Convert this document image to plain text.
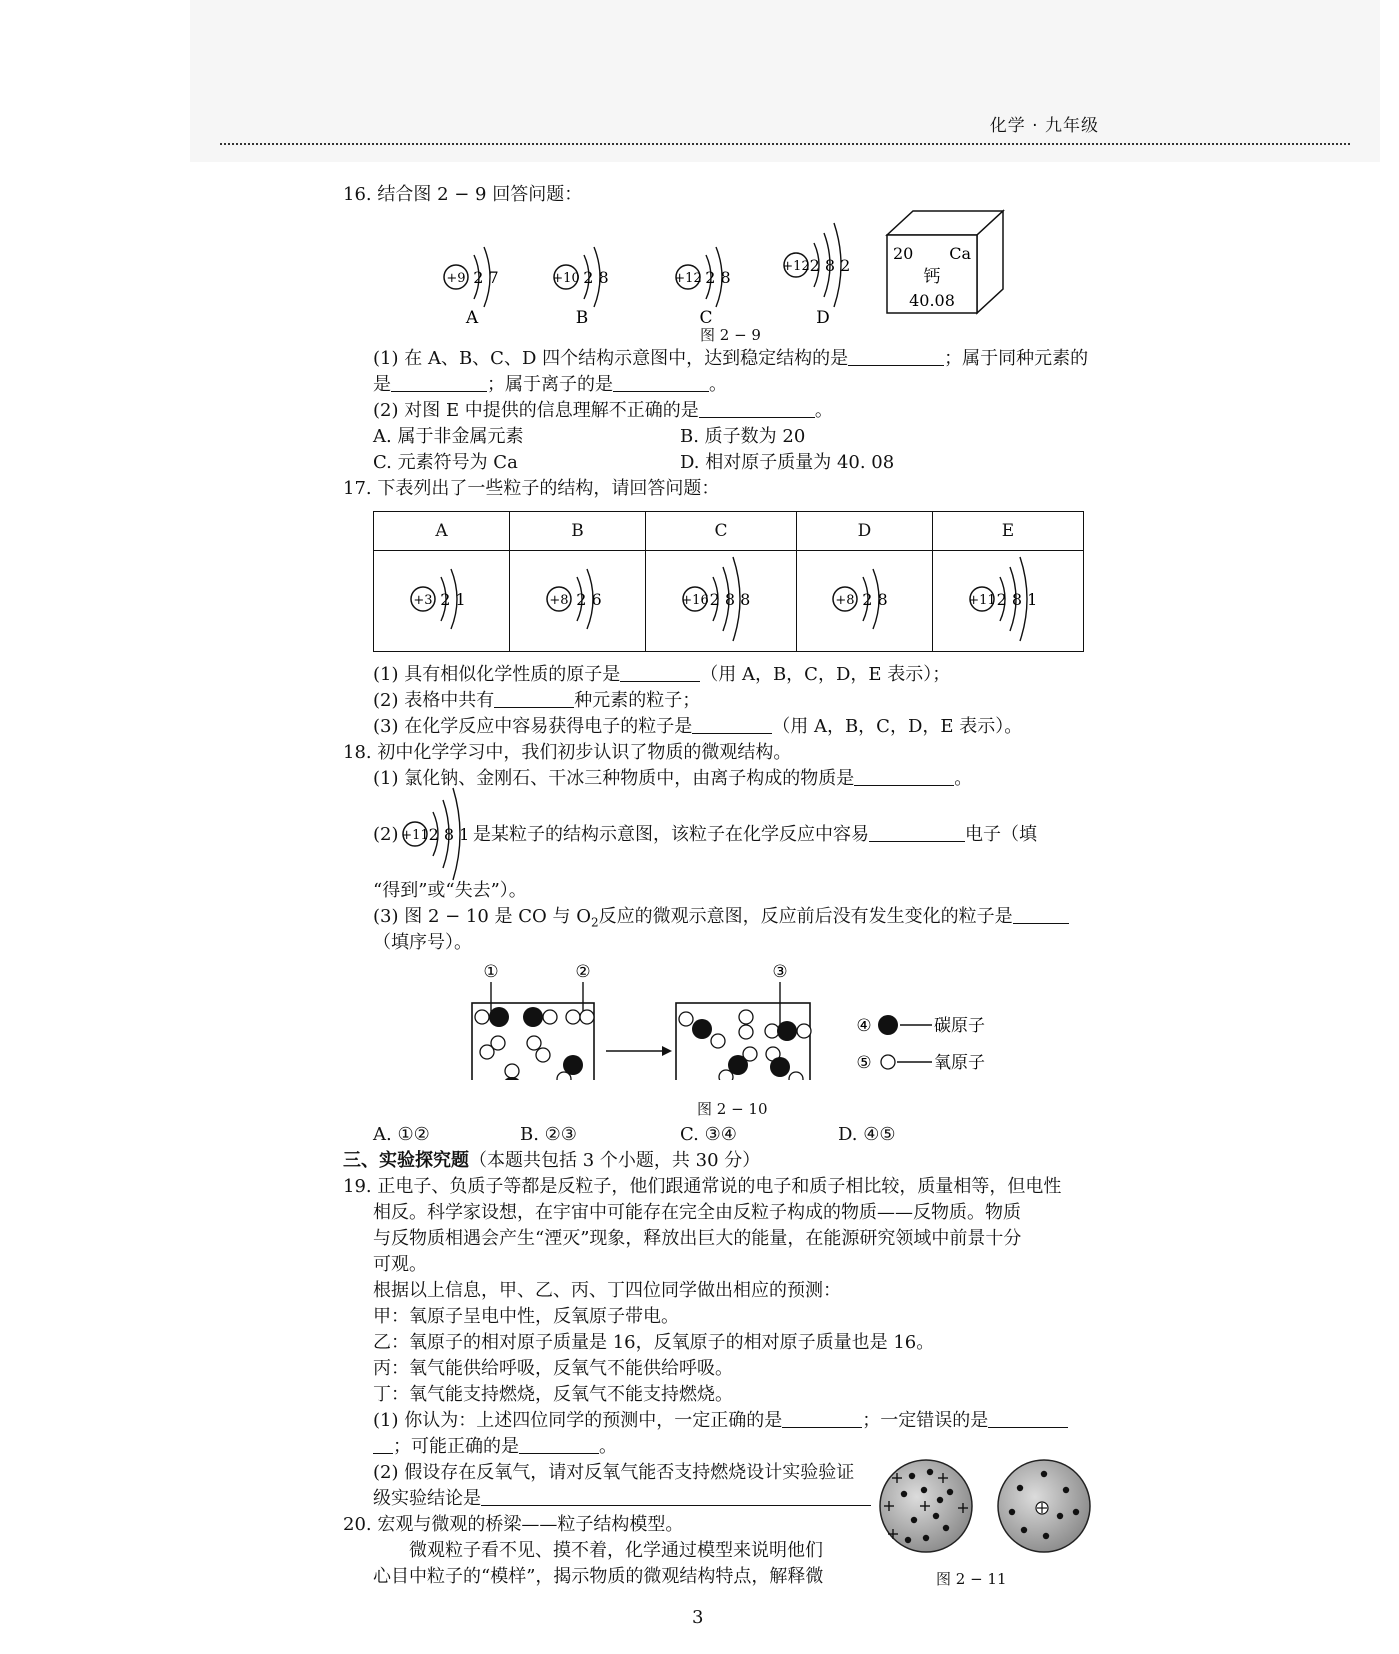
化学 · 九年级
16. 结合图 2 − 9 回答问题：
+9 2 7
A
+10 2 8
B
+12 2 8
C
+12 2 8 2
D
20 Ca
钙
40.08
图 2 − 9
(1) 在 A、B、C、D 四个结构示意图中，达到稳定结构的是	；属于同种元素的
是	；属于离子的是	。
(2) 对图 E 中提供的信息理解不正确的是	。
A. 属于非金属元素	B. 质子数为 20
C. 元素符号为 Ca	D. 相对原子质量为 40. 08
17. 下表列出了一些粒子的结构，请回答问题：
A	B	C	D	E

+3 2 1	+8 2 6	+16 2 8 8	+8 2 8	+11 2 8 1
(1) 具有相似化学性质的原子是	（用 A，B，C，D，E 表示）；
(2) 表格中共有	种元素的粒子；
(3) 在化学反应中容易获得电子的粒子是	（用 A，B，C，D，E 表示）。
18. 初中化学学习中，我们初步认识了物质的微观结构。
(1) 氯化钠、金刚石、干冰三种物质中，由离子构成的物质是	。
(2) +11 2 8 1 是某粒子的结构示意图，该粒子在化学反应中容易	电子（填
“得到”或“失去”）。
(3) 图 2 − 10 是 CO 与 $O_2$反应的微观示意图，反应前后没有发生变化的粒子是
（填序号）。
①	②	③
④	碳原子
⑤	氧原子
图 2 − 10
A. ①②	B. ②③	C. ③④	D. ④⑤
三、实验探究题（本题共包括 3 个小题，共 30 分）
19. 正电子、负质子等都是反粒子，他们跟通常说的电子和质子相比较，质量相等，但电性
相反。科学家设想，在宇宙中可能存在完全由反粒子构成的物质——反物质。物质
与反物质相遇会产生“湮灭”现象，释放出巨大的能量，在能源研究领域中前景十分
可观。
根据以上信息，甲、乙、丙、丁四位同学做出相应的预测：
甲：氧原子呈电中性，反氧原子带电。
乙：氧原子的相对原子质量是 16，反氧原子的相对原子质量也是 16。
丙：氧气能供给呼吸，反氧气不能供给呼吸。
丁：氧气能支持燃烧，反氧气不能支持燃烧。
(1) 你认为：上述四位同学的预测中，一定正确的是	；一定错误的是
；可能正确的是	。
(2) 假设存在反氧气，请对反氧气能否支持燃烧设计实验验证
级实验结论是
图 2 − 11
20. 宏观与微观的桥梁——粒子结构模型。
微观粒子看不见、摸不着，化学通过模型来说明他们
心目中粒子的“模样”，揭示物质的微观结构特点，解释微
3
